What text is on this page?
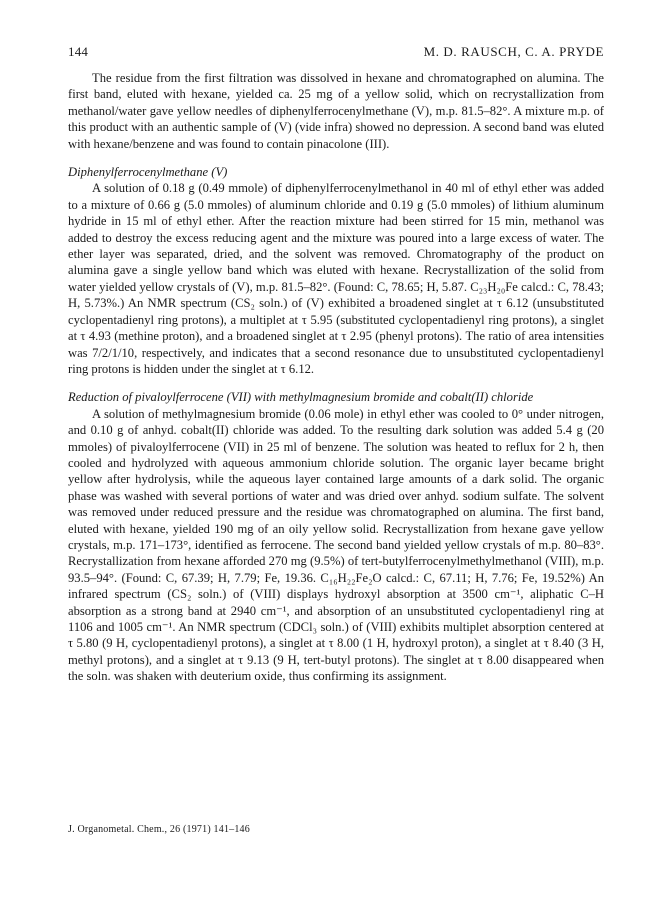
144	M. D. RAUSCH, C. A. PRYDE

The residue from the first filtration was dissolved in hexane and chromatographed on alumina. The first band, eluted with hexane, yielded ca. 25 mg of a yellow solid, which on recrystallization from methanol/water gave yellow needles of diphenylferrocenylmethane (V), m.p. 81.5–82°. A mixture m.p. of this product with an authentic sample of (V) (vide infra) showed no depression. A second band was eluted with hexane/benzene and was found to contain pinacolone (III).

Diphenylferrocenylmethane (V)

A solution of 0.18 g (0.49 mmole) of diphenylferrocenylmethanol in 40 ml of ethyl ether was added to a mixture of 0.66 g (5.0 mmoles) of aluminum chloride and 0.19 g (5.0 mmoles) of lithium aluminum hydride in 15 ml of ethyl ether. After the reaction mixture had been stirred for 15 min, methanol was added to destroy the excess reducing agent and the mixture was poured into a large excess of water. The ether layer was separated, dried, and the solvent was removed. Chromatography of the product on alumina gave a single yellow band which was eluted with hexane. Recrystallization of the solid from water yielded yellow crystals of (V), m.p. 81.5–82°. (Found: C, 78.65; H, 5.87. C₂₃H₂₀Fe calcd.: C, 78.43; H, 5.73%.) An NMR spectrum (CS₂ soln.) of (V) exhibited a broadened singlet at τ 6.12 (unsubstituted cyclopentadienyl ring protons), a multiplet at τ 5.95 (substituted cyclopentadienyl ring protons), a singlet at τ 4.93 (methine proton), and a broadened singlet at τ 2.95 (phenyl protons). The ratio of area intensities was 7/2/1/10, respectively, and indicates that a second resonance due to unsubstituted cyclopentadienyl ring protons is hidden under the singlet at τ 6.12.

Reduction of pivaloylferrocene (VII) with methylmagnesium bromide and cobalt(II) chloride

A solution of methylmagnesium bromide (0.06 mole) in ethyl ether was cooled to 0° under nitrogen, and 0.10 g of anhyd. cobalt(II) chloride was added. To the resulting dark solution was added 5.4 g (20 mmoles) of pivaloylferrocene (VII) in 25 ml of benzene. The solution was heated to reflux for 2 h, then cooled and hydrolyzed with aqueous ammonium chloride solution. The organic layer became bright yellow after hydrolysis, while the aqueous layer contained large amounts of a dark solid. The organic phase was washed with several portions of water and was dried over anhyd. sodium sulfate. The solvent was removed under reduced pressure and the residue was chromatographed on alumina. The first band, eluted with hexane, yielded 190 mg of an oily yellow solid. Recrystallization from hexane gave yellow crystals, m.p. 171–173°, identified as ferrocene. The second band yielded yellow crystals of m.p. 80–83°. Recrystallization from hexane afforded 270 mg (9.5%) of tert-butylferrocenylmethylmethanol (VIII), m.p. 93.5–94°. (Found: C, 67.39; H, 7.79; Fe, 19.36. C₁₆H₂₂Fe₂O calcd.: C, 67.11; H, 7.76; Fe, 19.52%) An infrared spectrum (CS₂ soln.) of (VIII) displays hydroxyl absorption at 3500 cm⁻¹, aliphatic C–H absorption as a strong band at 2940 cm⁻¹, and absorption of an unsubstituted cyclopentadienyl ring at 1106 and 1005 cm⁻¹. An NMR spectrum (CDCl₃ soln.) of (VIII) exhibits multiplet absorption centered at τ 5.80 (9 H, cyclopentadienyl protons), a singlet at τ 8.00 (1 H, hydroxyl proton), a singlet at τ 8.40 (3 H, methyl protons), and a singlet at τ 9.13 (9 H, tert-butyl protons). The singlet at τ 8.00 disappeared when the soln. was shaken with deuterium oxide, thus confirming its assignment.

J. Organometal. Chem., 26 (1971) 141–146
